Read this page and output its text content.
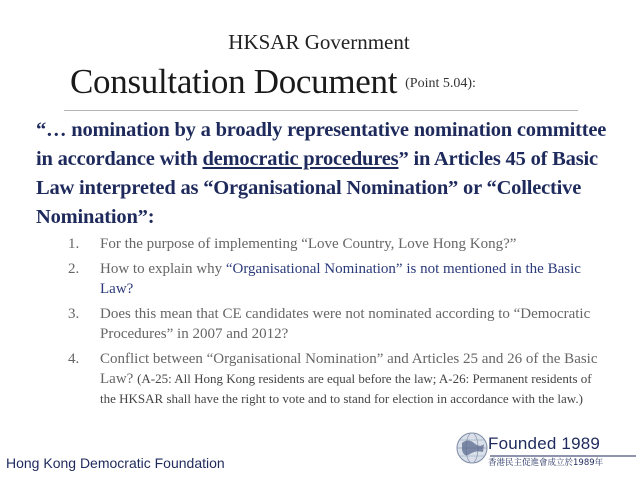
HKSAR Government
Consultation Document (Point 5.04):
“… nomination by a broadly representative nomination committee in accordance with democratic procedures” in Articles 45 of Basic Law interpreted as “Organisational Nomination” or “Collective Nomination”:
1. For the purpose of implementing “Love Country, Love Hong Kong?”
2. How to explain why “Organisational Nomination” is not mentioned in the Basic Law?
3. Does this mean that CE candidates were not nominated according to “Democratic Procedures” in 2007 and 2012?
4. Conflict between “Organisational Nomination” and Articles 25 and 26 of the Basic Law? (A-25: All Hong Kong residents are equal before the law; A-26: Permanent residents of the HKSAR shall have the right to vote and to stand for election in accordance with the law.)
Hong Kong Democratic Foundation
Founded 1989
香港民主促進會成立於1989年
